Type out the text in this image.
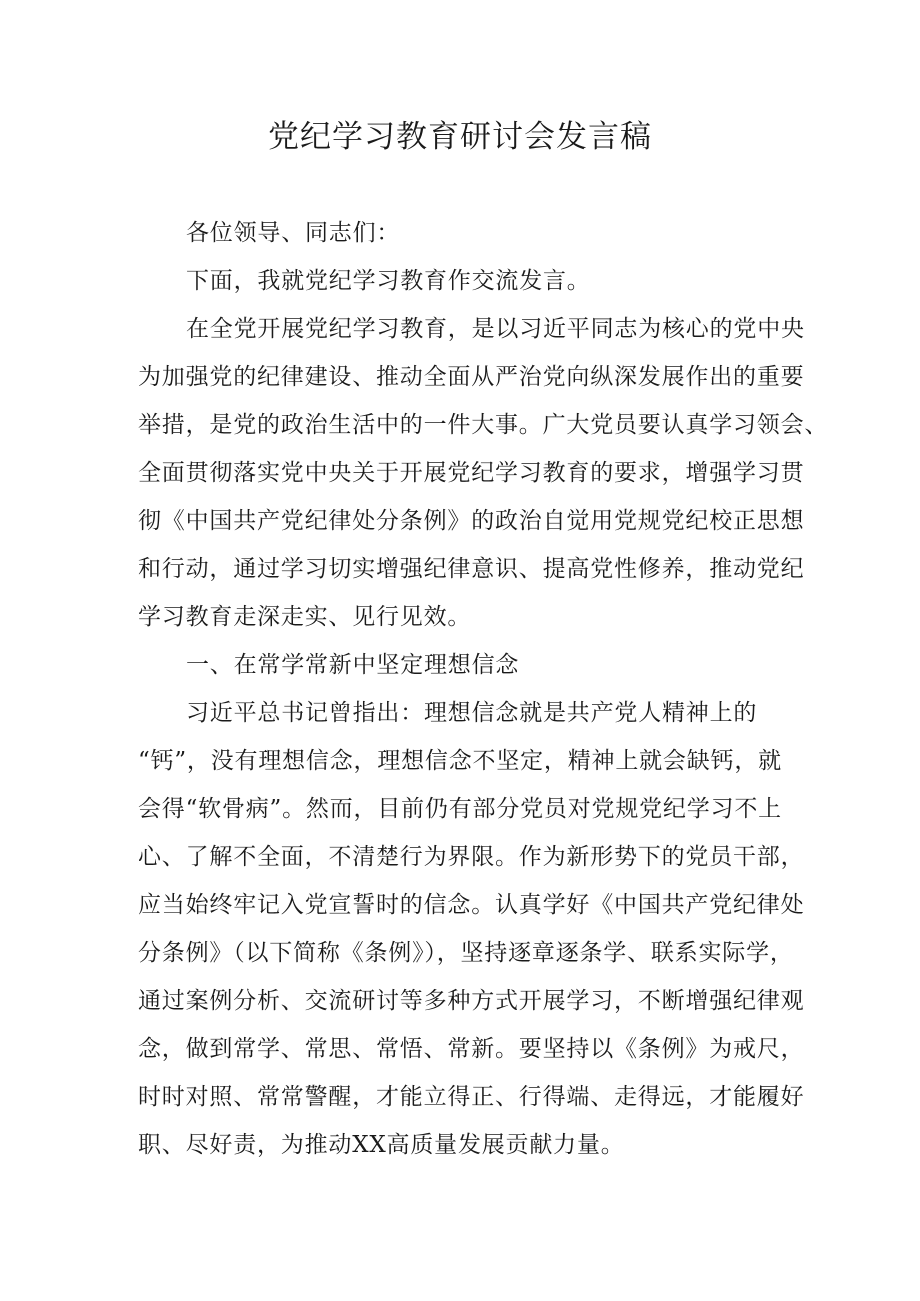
党纪学习教育研讨会发言稿
各位领导、同志们：
下面，我就党纪学习教育作交流发言。
在全党开展党纪学习教育，是以习近平同志为核心的党中央
为加强党的纪律建设、推动全面从严治党向纵深发展作出的重要
举措，是党的政治生活中的一件大事。广大党员要认真学习领会、
全面贯彻落实党中央关于开展党纪学习教育的要求，增强学习贯
彻《中国共产党纪律处分条例》的政治自觉用党规党纪校正思想
和行动，通过学习切实增强纪律意识、提高党性修养，推动党纪
学习教育走深走实、见行见效。
一、在常学常新中坚定理想信念
习近平总书记曾指出：理想信念就是共产党人精神上的
“钙”，没有理想信念，理想信念不坚定，精神上就会缺钙，就
会得“软骨病”。然而，目前仍有部分党员对党规党纪学习不上
心、了解不全面，不清楚行为界限。作为新形势下的党员干部，
应当始终牢记入党宣誓时的信念。认真学好《中国共产党纪律处
分条例》（以下简称《条例》），坚持逐章逐条学、联系实际学，
通过案例分析、交流研讨等多种方式开展学习，不断增强纪律观
念，做到常学、常思、常悟、常新。要坚持以《条例》为戒尺，
时时对照、常常警醒，才能立得正、行得端、走得远，才能履好
职、尽好责，为推动XX高质量发展贡献力量。
